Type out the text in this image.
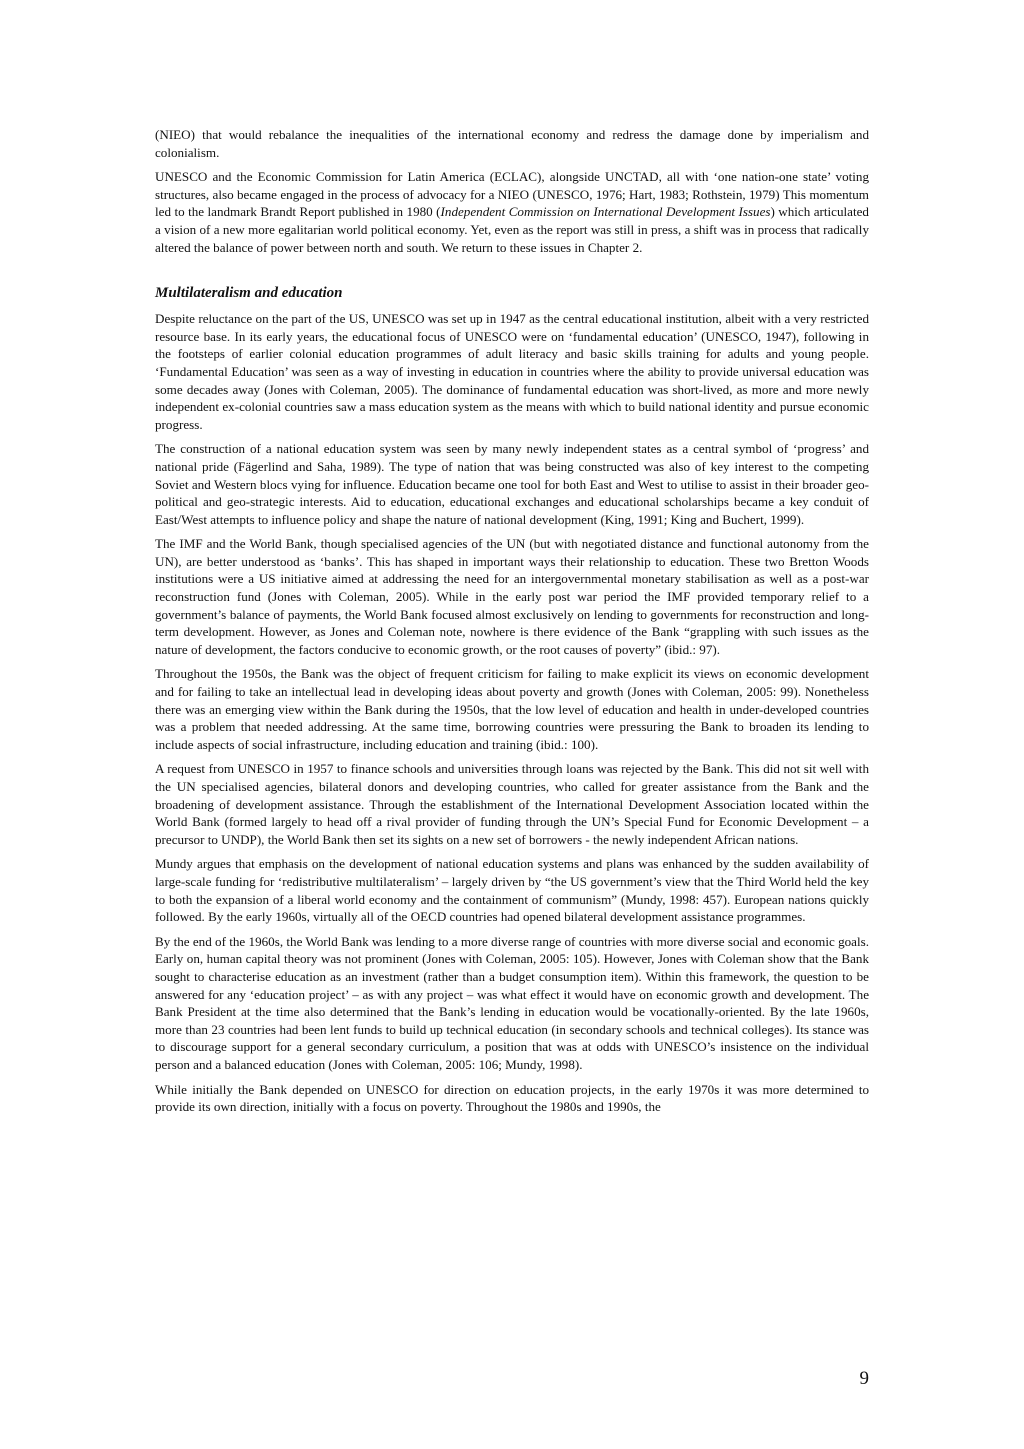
(NIEO) that would rebalance the inequalities of the international economy and redress the damage done by imperialism and colonialism.

UNESCO and the Economic Commission for Latin America (ECLAC), alongside UNCTAD, all with ‘one nation-one state’ voting structures, also became engaged in the process of advocacy for a NIEO (UNESCO, 1976; Hart, 1983; Rothstein, 1979) This momentum led to the landmark Brandt Report published in 1980 (Independent Commission on International Development Issues) which articulated a vision of a new more egalitarian world political economy. Yet, even as the report was still in press, a shift was in process that radically altered the balance of power between north and south. We return to these issues in Chapter 2.

Multilateralism and education

Despite reluctance on the part of the US, UNESCO was set up in 1947 as the central educational institution, albeit with a very restricted resource base. In its early years, the educational focus of UNESCO were on ‘fundamental education’ (UNESCO, 1947), following in the footsteps of earlier colonial education programmes of adult literacy and basic skills training for adults and young people. ‘Fundamental Education’ was seen as a way of investing in education in countries where the ability to provide universal education was some decades away (Jones with Coleman, 2005). The dominance of fundamental education was short-lived, as more and more newly independent ex-colonial countries saw a mass education system as the means with which to build national identity and pursue economic progress.

The construction of a national education system was seen by many newly independent states as a central symbol of ‘progress’ and national pride (Fägerlind and Saha, 1989). The type of nation that was being constructed was also of key interest to the competing Soviet and Western blocs vying for influence. Education became one tool for both East and West to utilise to assist in their broader geo-political and geo-strategic interests. Aid to education, educational exchanges and educational scholarships became a key conduit of East/West attempts to influence policy and shape the nature of national development (King, 1991; King and Buchert, 1999).

The IMF and the World Bank, though specialised agencies of the UN (but with negotiated distance and functional autonomy from the UN), are better understood as ‘banks’. This has shaped in important ways their relationship to education. These two Bretton Woods institutions were a US initiative aimed at addressing the need for an intergovernmental monetary stabilisation as well as a post-war reconstruction fund (Jones with Coleman, 2005). While in the early post war period the IMF provided temporary relief to a government’s balance of payments, the World Bank focused almost exclusively on lending to governments for reconstruction and long-term development. However, as Jones and Coleman note, nowhere is there evidence of the Bank “grappling with such issues as the nature of development, the factors conducive to economic growth, or the root causes of poverty” (ibid.: 97).

Throughout the 1950s, the Bank was the object of frequent criticism for failing to make explicit its views on economic development and for failing to take an intellectual lead in developing ideas about poverty and growth (Jones with Coleman, 2005: 99). Nonetheless there was an emerging view within the Bank during the 1950s, that the low level of education and health in under-developed countries was a problem that needed addressing. At the same time, borrowing countries were pressuring the Bank to broaden its lending to include aspects of social infrastructure, including education and training (ibid.: 100).

A request from UNESCO in 1957 to finance schools and universities through loans was rejected by the Bank. This did not sit well with the UN specialised agencies, bilateral donors and developing countries, who called for greater assistance from the Bank and the broadening of development assistance. Through the establishment of the International Development Association located within the World Bank (formed largely to head off a rival provider of funding through the UN’s Special Fund for Economic Development – a precursor to UNDP), the World Bank then set its sights on a new set of borrowers - the newly independent African nations.

Mundy argues that emphasis on the development of national education systems and plans was enhanced by the sudden availability of large-scale funding for ‘redistributive multilateralism’ – largely driven by “the US government’s view that the Third World held the key to both the expansion of a liberal world economy and the containment of communism” (Mundy, 1998: 457). European nations quickly followed. By the early 1960s, virtually all of the OECD countries had opened bilateral development assistance programmes.

By the end of the 1960s, the World Bank was lending to a more diverse range of countries with more diverse social and economic goals. Early on, human capital theory was not prominent (Jones with Coleman, 2005: 105). However, Jones with Coleman show that the Bank sought to characterise education as an investment (rather than a budget consumption item). Within this framework, the question to be answered for any ‘education project’ – as with any project – was what effect it would have on economic growth and development. The Bank President at the time also determined that the Bank’s lending in education would be vocationally-oriented. By the late 1960s, more than 23 countries had been lent funds to build up technical education (in secondary schools and technical colleges). Its stance was to discourage support for a general secondary curriculum, a position that was at odds with UNESCO’s insistence on the individual person and a balanced education (Jones with Coleman, 2005: 106; Mundy, 1998).

While initially the Bank depended on UNESCO for direction on education projects, in the early 1970s it was more determined to provide its own direction, initially with a focus on poverty. Throughout the 1980s and 1990s, the

9
